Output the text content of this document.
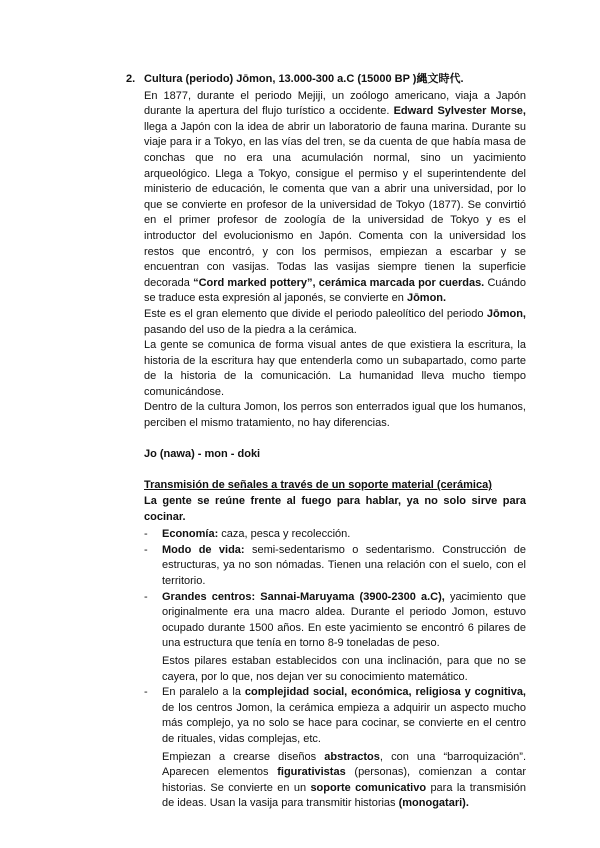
2. Cultura (periodo) Jōmon, 13.000-300 a.C (15000 BP )縄文時代.

En 1877, durante el periodo Mejiji, un zoólogo americano, viaja a Japón durante la apertura del flujo turístico a occidente. Edward Sylvester Morse, llega a Japón con la idea de abrir un laboratorio de fauna marina. Durante su viaje para ir a Tokyo, en las vías del tren, se da cuenta de que había masa de conchas que no era una acumulación normal, sino un yacimiento arqueológico. Llega a Tokyo, consigue el permiso y el superintendente del ministerio de educación, le comenta que van a abrir una universidad, por lo que se convierte en profesor de la universidad de Tokyo (1877). Se convirtió en el primer profesor de zoología de la universidad de Tokyo y es el introductor del evolucionismo en Japón. Comenta con la universidad los restos que encontró, y con los permisos, empiezan a escarbar y se encuentran con vasijas. Todas las vasijas siempre tienen la superficie decorada “Cord marked pottery”, cerámica marcada por cuerdas. Cuándo se traduce esta expresión al japonés, se convierte en Jōmon.

Este es el gran elemento que divide el periodo paleolítico del periodo Jōmon, pasando del uso de la piedra a la cerámica.

La gente se comunica de forma visual antes de que existiera la escritura, la historia de la escritura hay que entenderla como un subapartado, como parte de la historia de la comunicación. La humanidad lleva mucho tiempo comunicándose.

Dentro de la cultura Jomon, los perros son enterrados igual que los humanos, perciben el mismo tratamiento, no hay diferencias.

Jo (nawa) - mon - doki

Transmisión de señales a través de un soporte material (cerámica)

La gente se reúne frente al fuego para hablar, ya no solo sirve para cocinar.

- Economía: caza, pesca y recolección.
- Modo de vida: semi-sedentarismo o sedentarismo. Construcción de estructuras, ya no son nómadas. Tienen una relación con el suelo, con el territorio.
- Grandes centros: Sannai-Maruyama (3900-2300 a.C), yacimiento que originalmente era una macro aldea. Durante el periodo Jomon, estuvo ocupado durante 1500 años. En este yacimiento se encontró 6 pilares de una estructura que tenía en torno 8-9 toneladas de peso.
Estos pilares estaban establecidos con una inclinación, para que no se cayera, por lo que, nos dejan ver su conocimiento matemático.
- En paralelo a la complejidad social, económica, religiosa y cognitiva, de los centros Jomon, la cerámica empieza a adquirir un aspecto mucho más complejo, ya no solo se hace para cocinar, se convierte en el centro de rituales, vidas complejas, etc.
Empiezan a crearse diseños abstractos, con una “barroquización”. Aparecen elementos figurativistas (personas), comienzan a contar historias. Se convierte en un soporte comunicativo para la transmisión de ideas. Usan la vasija para transmitir historias (monogatari).
